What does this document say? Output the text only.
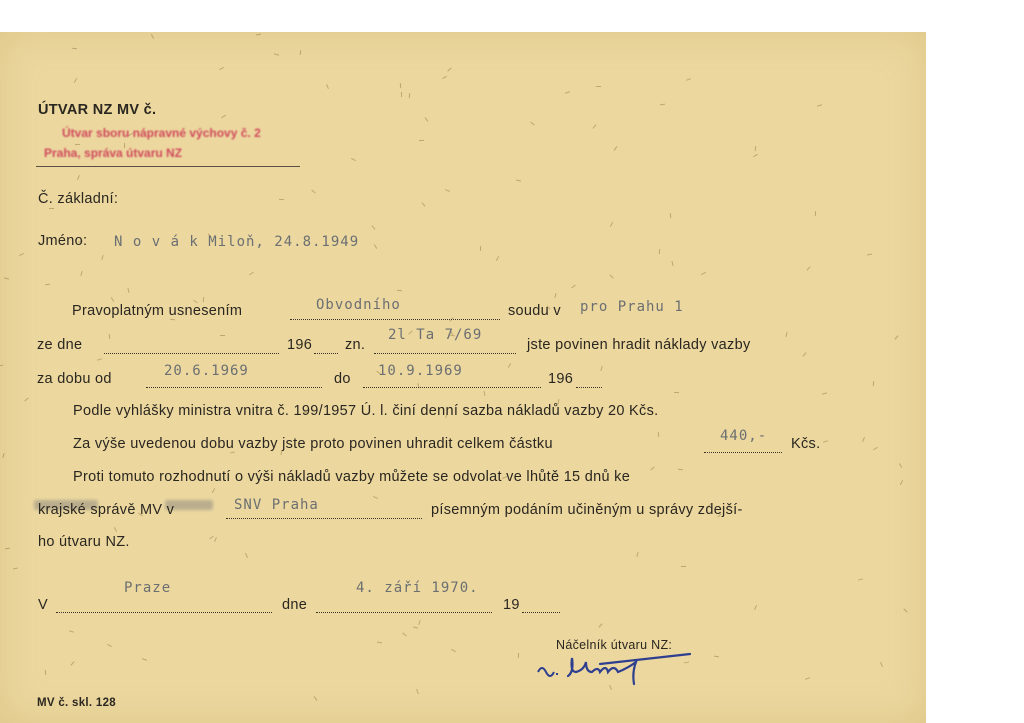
ÚTVAR NZ MV č.
Útvar sboru nápravné výchovy č. 2
Praha, správa útvaru NZ
Č. základní:
Jméno: N o v á k Miloň, 24.8.1949
Pravoplatným usnesením	Obvodního	soudu v pro Prahu 1
ze dne	196 zn.
2l Ta 7/69
jste povinen hradit náklady vazby
za dobu od	20.6.1969	do 10.9.1969	196
Podle vyhlášky ministra vnitra č. 199/1957 Ú. l. činí denní sazba nákladů vazby 20 Kčs.
Za výše uvedenou dobu vazby jste proto povinen uhradit celkem částku	440,- Kčs.
Proti tomuto rozhodnutí o výši nákladů vazby můžete se odvolat ve lhůtě 15 dnů ke
krajské správě MV v	SNV Praha	písemným podáním učiněným u správy zdejší-
ho útvaru NZ.
V
Praze
dne
4. září 1970.
19
Náčelník útvaru NZ:
MV č. skl. 128
